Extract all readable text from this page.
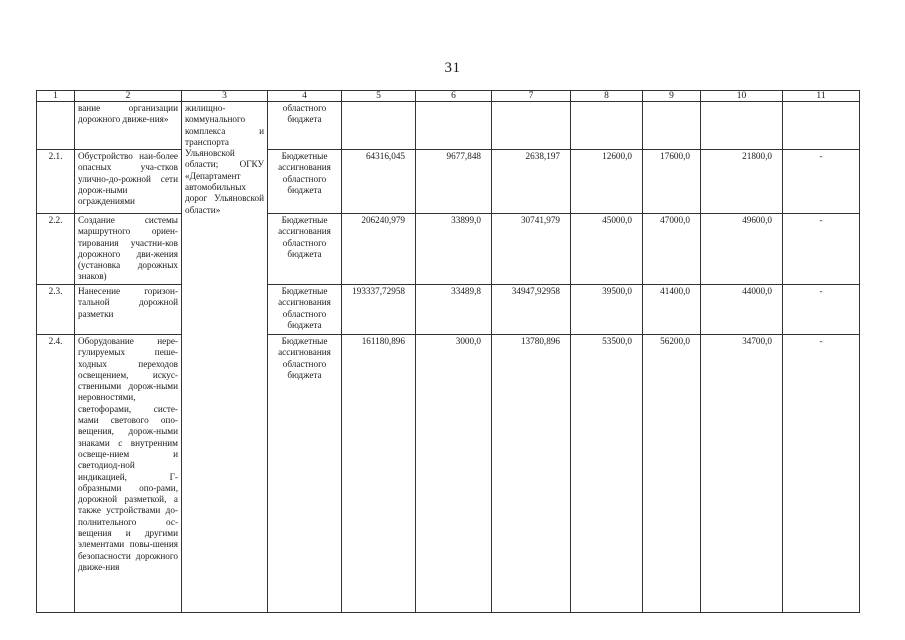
31
1	2	3	4	5	6	7	8	9	10	11
	вание организации дорожного движе-ния»	жилищно-коммунального комплекса и транспорта Ульяновской области; ОГКУ «Департамент автомобильных дорог Ульяновской области»	областного бюджета							
2.1.	Обустройство наи-более опасных уча-стков улично-до-рожной сети дорож-ными ограждениями		Бюджетные ассигнования областного бюджета	64316,045	9677,848	2638,197	12600,0	17600,0	21800,0	-
2.2.	Создание системы маршрутного ориен-тирования участни-ков дорожного дви-жения (установка дорожных знаков)		Бюджетные ассигнования областного бюджета	206240,979	33899,0	30741,979	45000,0	47000,0	49600,0	-
2.3.	Нанесение горизон-тальной дорожной разметки		Бюджетные ассигнования областного бюджета	193337,72958	33489,8	34947,92958	39500,0	41400,0	44000,0	-
2.4.	Оборудование нере-гулируемых пеше-ходных переходов освещением, искус-ственными дорож-ными неровностями, светофорами, систе-мами светового опо-вещения, дорож-ными знаками с внутренним освеще-нием и светодиод-ной индикацией, Г-образными опо-рами, дорожной разметкой, а также устройствами до-полнительного ос-вещения и другими элементами повы-шения безопасности дорожного движе-ния		Бюджетные ассигнования областного бюджета	161180,896	3000,0	13780,896	53500,0	56200,0	34700,0	-
